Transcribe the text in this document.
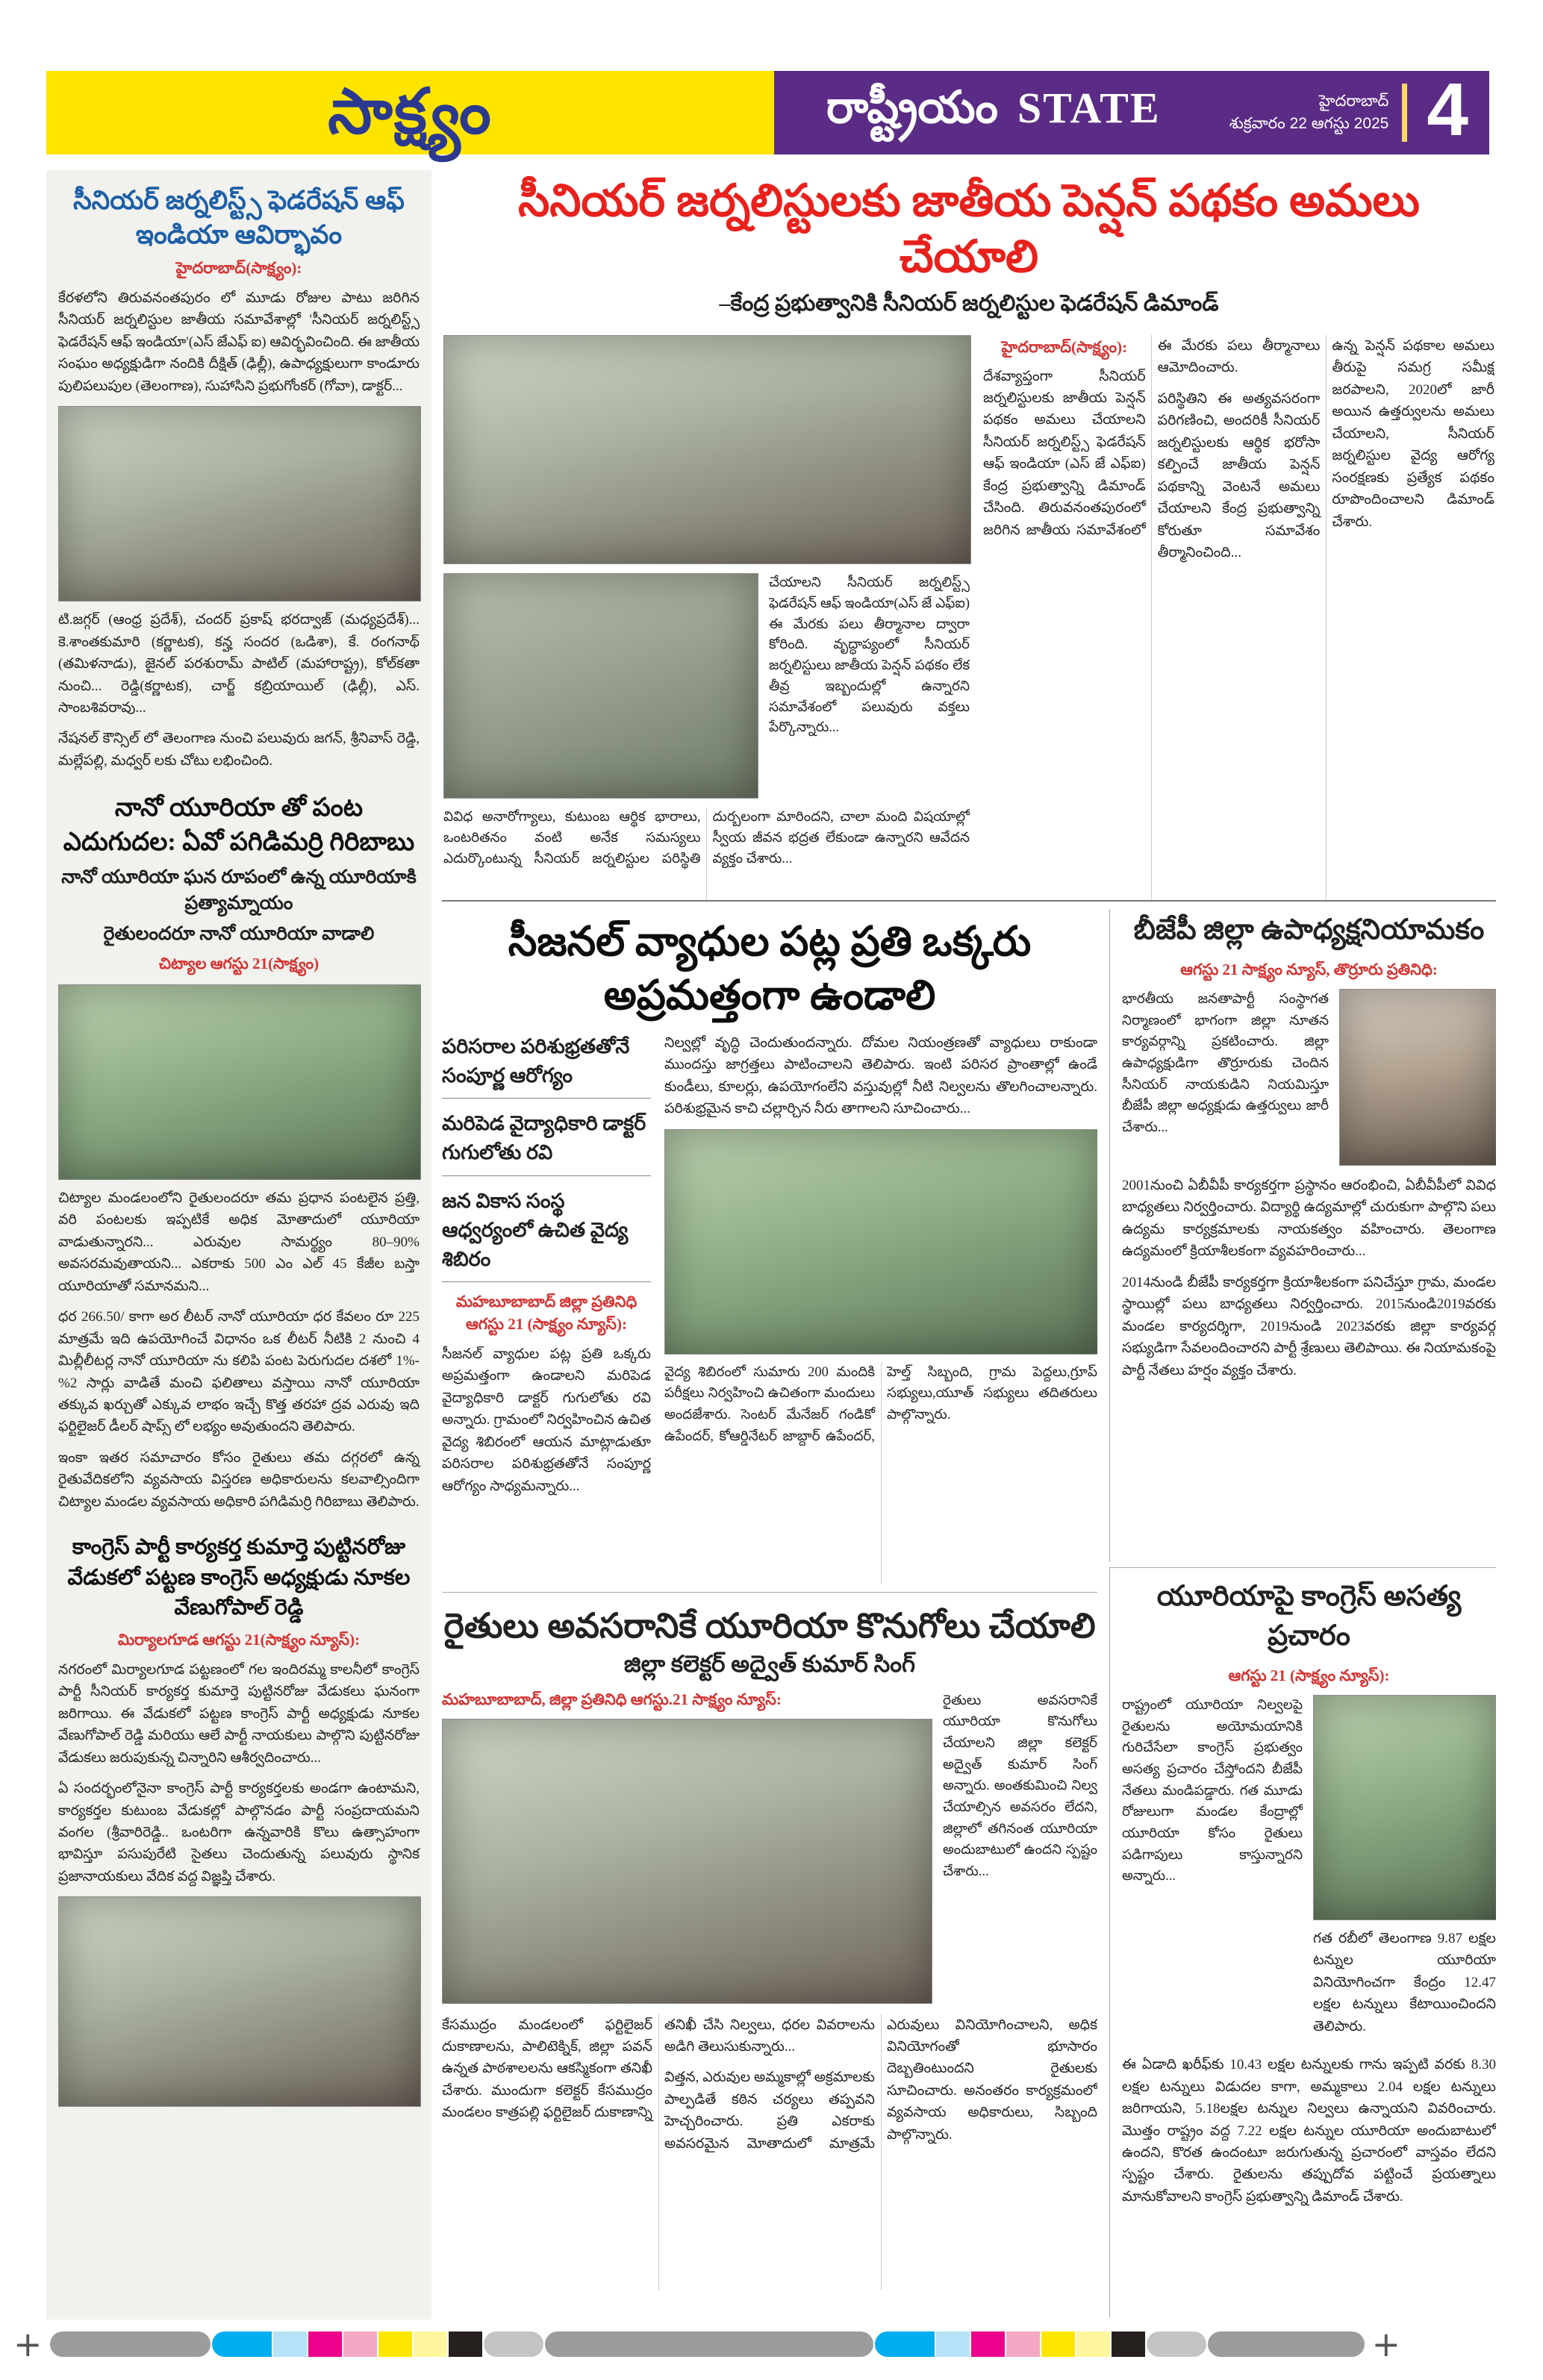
సాక్ష్యం	రాష్ట్రీయం STATE	హైదరాబాద్
శుక్రవారం 22 ఆగస్టు 2025 4
సీనియర్ జర్నలిస్ట్స్ ఫెడరేషన్ ఆఫ్ ఇండియా ఆవిర్భావం

హైదరాబాద్(సాక్ష్యం):

కేరళలోని తిరువనంతపురం లో మూడు రోజుల పాటు జరిగిన సీనియర్ జర్నలిస్టుల జాతీయ సమావేశాల్లో 'సీనియర్ జర్నలిస్ట్స్ ఫెడరేషన్ ఆఫ్ ఇండియా'(ఎస్ జేఎఫ్ ఐ) ఆవిర్భవించింది. ఈ జాతీయ సంఘం అధ్యక్షుడిగా నందికి దీక్షిత్ (ఢిల్లీ), ఉపాధ్యక్షులుగా కాండూరు పులిపలుపుల (తెలంగాణ), సుహాసిని ప్రభుగోంకర్ (గోవా), డాక్టర్...

టి.జగ్గర్ (ఆంధ్ర ప్రదేశ్), చందర్ ప్రకాష్ భరద్వాజ్ (మధ్యప్రదేశ్)... కె.శాంతకుమారి (కర్ణాటక), కన్హ సందర (ఒడిశా), కే. రంగనాథ్ (తమిళనాడు), జైనల్ పరశురామ్ పాటిల్ (మహారాష్ట్ర), కోల్‌కతా నుంచి... రెడ్డి(కర్ణాటక), చార్జ్ కబ్రియాయిల్ (ఢిల్లీ), ఎస్. సాంబశివరావు...

నేషనల్ కౌన్సిల్ లో తెలంగాణ నుంచి పలువురు జగన్, శ్రీనివాస్ రెడ్డి, మల్లేపల్లి, మధ్వర్ లకు చోటు లభించింది.

నానో యూరియా తో పంట ఎదుగుదల: ఏవో పగిడిమర్రి గిరిబాబు

నానో యూరియా ఘన రూపంలో ఉన్న యూరియాకి ప్రత్యామ్నాయం

రైతులందరూ నానో యూరియా వాడాలి

చిట్యాల ఆగస్టు 21(సాక్ష్యం)

చిట్యాల మండలంలోని రైతులందరూ తమ ప్రధాన పంటలైన ప్రత్తి, వరి పంటలకు ఇప్పటికే అధిక మోతాదులో యూరియా వాడుతున్నారని... ఎరువుల సామర్థ్యం 80–90% అవసరమవుతాయని... ఎకరాకు 500 ఎం ఎల్ 45 కేజీల బస్తా యూరియాతో సమానమని...

ధర 266.50/ కాగా అర లీటర్ నానో యూరియా ధర కేవలం రూ 225 మాత్రమే ఇది ఉపయోగించే విధానం ఒక లీటర్ నీటికి 2 నుంచి 4 మిల్లీలీటర్ల నానో యూరియా ను కలిపి పంట పెరుగుదల దశలో 1%-%2 సార్లు వాడితే మంచి ఫలితాలు వస్తాయి నానో యూరియా తక్కువ ఖర్చుతో ఎక్కువ లాభం ఇచ్చే కొత్త తరహా ద్రవ ఎరువు ఇది ఫర్టిలైజర్ డీలర్ షాప్స్ లో లభ్యం అవుతుందని తెలిపారు.

ఇంకా ఇతర సమాచారం కోసం రైతులు తమ దగ్గరలో ఉన్న రైతువేదికలోని వ్యవసాయ విస్తరణ అధికారులను కలవాల్సిందిగా చిట్యాల మండల వ్యవసాయ అధికారి పగిడిమర్రి గిరిబాబు తెలిపారు.

కాంగ్రెస్ పార్టీ కార్యకర్త కుమార్తె పుట్టినరోజు వేడుకలో పట్టణ కాంగ్రెస్ అధ్యక్షుడు నూకల వేణుగోపాల్ రెడ్డి

మిర్యాలగూడ ఆగస్టు 21(సాక్ష్యం న్యూస్):

నగరంలో మిర్యాలగూడ పట్టణంలో గల ఇందిరమ్మ కాలనీలో కాంగ్రెస్ పార్టీ సీనియర్ కార్యకర్త కుమార్తె పుట్టినరోజు వేడుకలు ఘనంగా జరిగాయి. ఈ వేడుకలో పట్టణ కాంగ్రెస్ పార్టీ అధ్యక్షుడు నూకల వేణుగోపాల్ రెడ్డి మరియు ఆలే పార్టీ నాయకులు పాల్గొని పుట్టినరోజు వేడుకలు జరుపుకున్న చిన్నారిని ఆశీర్వదించారు...

ఏ సందర్భంలోనైనా కాంగ్రెస్ పార్టీ కార్యకర్తలకు అండగా ఉంటామని, కార్యకర్తల కుటుంబ వేడుకల్లో పాల్గొనడం పార్టీ సంప్రదాయమని వంగల (శ్రీవారిరెడ్డి.. ఒంటరిగా ఉన్నవారికి కొలు ఉత్సాహంగా భావిస్తూ పసుపురేటి సైతలు చెందుతున్న పలువురు స్థానిక ప్రజానాయకులు వేదిక వద్ద విజ్ఞప్తి చేశారు.

సీనియర్ జర్నలిస్టులకు జాతీయ పెన్షన్ పథకం అమలు చేయాలి
–కేంద్ర ప్రభుత్వానికి సీనియర్ జర్నలిస్టుల ఫెడరేషన్ డిమాండ్
చేయాలని సీనియర్ జర్నలిస్ట్స్ ఫెడరేషన్ ఆఫ్ ఇండియా(ఎస్ జే ఎఫ్ఐ) ఈ మేరకు పలు తీర్మానాల ద్వారా కోరింది. వృద్ధాప్యంలో సీనియర్ జర్నలిస్టులు జాతీయ పెన్షన్ పథకం లేక తీవ్ర ఇబ్బందుల్లో ఉన్నారని సమావేశంలో పలువురు వక్తలు పేర్కొన్నారు...
వివిధ అనారోగ్యాలు, కుటుంబ ఆర్థిక భారాలు, ఒంటరితనం వంటి అనేక సమస్యలు ఎదుర్కొంటున్న సీనియర్ జర్నలిస్టుల పరిస్థితి దుర్బలంగా మారిందని, చాలా మంది విషయాల్లో స్వీయ జీవన భద్రత లేకుండా ఉన్నారని ఆవేదన వ్యక్తం చేశారు...

హైదరాబాద్(సాక్ష్యం):

దేశవ్యాప్తంగా సీనియర్ జర్నలిస్టులకు జాతీయ పెన్షన్ పథకం అమలు చేయాలని సీనియర్ జర్నలిస్ట్స్ ఫెడరేషన్ ఆఫ్ ఇండియా (ఎస్ జే ఎఫ్ఐ) కేంద్ర ప్రభుత్వాన్ని డిమాండ్ చేసింది. తిరువనంతపురంలో జరిగిన జాతీయ సమావేశంలో ఈ మేరకు పలు తీర్మానాలు ఆమోదించారు.

పరిస్థితిని ఈ అత్యవసరంగా పరిగణించి, అందరికీ సీనియర్ జర్నలిస్టులకు ఆర్థిక భరోసా కల్పించే జాతీయ పెన్షన్ పథకాన్ని వెంటనే అమలు చేయాలని కేంద్ర ప్రభుత్వాన్ని కోరుతూ సమావేశం తీర్మానించింది...

ఉన్న పెన్షన్ పథకాల అమలు తీరుపై సమగ్ర సమీక్ష జరపాలని, 2020లో జారీ అయిన ఉత్తర్వులను అమలు చేయాలని, సీనియర్ జర్నలిస్టుల వైద్య ఆరోగ్య సంరక్షణకు ప్రత్యేక పథకం రూపొందించాలని డిమాండ్ చేశారు.

సీజనల్ వ్యాధుల పట్ల ప్రతి ఒక్కరు అప్రమత్తంగా ఉండాలి

పరిసరాల పరిశుభ్రతతోనే సంపూర్ణ ఆరోగ్యం

మరిపెడ వైద్యాధికారి డాక్టర్ గుగులోతు రవి

జన వికాస సంస్థ ఆధ్వర్యంలో ఉచిత వైద్య శిబిరం

మహబూబాబాద్ జిల్లా ప్రతినిధి ఆగస్టు 21 (సాక్ష్యం న్యూస్):

సీజనల్ వ్యాధుల పట్ల ప్రతి ఒక్కరు అప్రమత్తంగా ఉండాలని మరిపెడ వైద్యాధికారి డాక్టర్ గుగులోతు రవి అన్నారు. గ్రామంలో నిర్వహించిన ఉచిత వైద్య శిబిరంలో ఆయన మాట్లాడుతూ పరిసరాల పరిశుభ్రతతోనే సంపూర్ణ ఆరోగ్యం సాధ్యమన్నారు...

నిల్వల్లో వృద్ధి చెందుతుందన్నారు. దోమల నియంత్రణతో వ్యాధులు రాకుండా ముందస్తు జాగ్రత్తలు పాటించాలని తెలిపారు. ఇంటి పరిసర ప్రాంతాల్లో ఉండే కుండీలు, కూలర్లు, ఉపయోగంలేని వస్తువుల్లో నీటి నిల్వలను తొలగించాలన్నారు. పరిశుభ్రమైన కాచి చల్లార్చిన నీరు తాగాలని సూచించారు...

వైద్య శిబిరంలో సుమారు 200 మందికి పరీక్షలు నిర్వహించి ఉచితంగా మందులు అందజేశారు. సెంటర్ మేనేజర్ గండికో ఉపేందర్, కోఆర్డినేటర్ జాబ్దార్ ఉపేందర్, హెల్త్ సిబ్బంది, గ్రామ పెద్దలు,గ్రూప్ సభ్యులు,యూత్ సభ్యులు తదితరులు పాల్గొన్నారు.
బీజేపీ జిల్లా ఉపాధ్యక్షనియామకం

ఆగస్టు 21 సాక్ష్యం న్యూస్, తొర్రూరు ప్రతినిధి:

భారతీయ జనతాపార్టీ సంస్థాగత నిర్మాణంలో భాగంగా జిల్లా నూతన కార్యవర్గాన్ని ప్రకటించారు. జిల్లా ఉపాధ్యక్షుడిగా తొర్రూరుకు చెందిన సీనియర్ నాయకుడిని నియమిస్తూ బీజేపీ జిల్లా అధ్యక్షుడు ఉత్తర్వులు జారీ చేశారు...

2001నుంచి ఏబీవీపీ కార్యకర్తగా ప్రస్థానం ఆరంభించి, ఏబీవీపీలో వివిధ బాధ్యతలు నిర్వర్తించారు. విద్యార్థి ఉద్యమాల్లో చురుకుగా పాల్గొని పలు ఉద్యమ కార్యక్రమాలకు నాయకత్వం వహించారు. తెలంగాణ ఉద్యమంలో క్రియాశీలకంగా వ్యవహరించారు...

2014నుండి బీజేపీ కార్యకర్తగా క్రియాశీలకంగా పనిచేస్తూ గ్రామ, మండల స్థాయిల్లో పలు బాధ్యతలు నిర్వర్తించారు. 2015నుండి2019వరకు మండల కార్యదర్శిగా, 2019నుండి 2023వరకు జిల్లా కార్యవర్గ సభ్యుడిగా సేవలందించారని పార్టీ శ్రేణులు తెలిపాయి. ఈ నియామకంపై పార్టీ నేతలు హర్షం వ్యక్తం చేశారు.

రైతులు అవసరానికే యూరియా కొనుగోలు చేయాలి
జిల్లా కలెక్టర్ అద్వైత్ కుమార్ సింగ్

మహబూబాబాద్, జిల్లా ప్రతినిధి ఆగస్టు.21 సాక్ష్యం న్యూస్:	రైతులు అవసరానికే యూరియా కొనుగోలు చేయాలని జిల్లా కలెక్టర్ అద్వైత్ కుమార్ సింగ్ అన్నారు. అంతకుమించి నిల్వ చేయాల్సిన అవసరం లేదని, జిల్లాలో తగినంత యూరియా అందుబాటులో ఉందని స్పష్టం చేశారు...

కేసముద్రం మండలంలో ఫర్టిలైజర్ దుకాణాలను, పాలిటెక్నిక్, జిల్లా పవన్ ఉన్నత పాఠశాలలను ఆకస్మికంగా తనిఖీ చేశారు. ముందుగా కలెక్టర్ కేసముద్రం మండలం కాత్రపల్లి ఫర్టిలైజర్ దుకాణాన్ని తనిఖీ చేసి నిల్వలు, ధరల వివరాలను అడిగి తెలుసుకున్నారు...

విత్తన, ఎరువుల అమ్మకాల్లో అక్రమాలకు పాల్పడితే కఠిన చర్యలు తప్పవని హెచ్చరించారు. ప్రతి ఎకరాకు అవసరమైన మోతాదులో మాత్రమే ఎరువులు వినియోగించాలని, అధిక వినియోగంతో భూసారం దెబ్బతింటుందని రైతులకు సూచించారు. అనంతరం కార్యక్రమంలో వ్యవసాయ అధికారులు, సిబ్బంది పాల్గొన్నారు.

యూరియాపై కాంగ్రెస్ అసత్య ప్రచారం

ఆగస్టు 21 (సాక్ష్యం న్యూస్):

రాష్ట్రంలో యూరియా నిల్వలపై రైతులను అయోమయానికి గురిచేసేలా కాంగ్రెస్ ప్రభుత్వం అసత్య ప్రచారం చేస్తోందని బీజేపీ నేతలు మండిపడ్డారు. గత మూడు రోజులుగా మండల కేంద్రాల్లో యూరియా కోసం రైతులు పడిగాపులు కాస్తున్నారని అన్నారు...

గత రబీలో తెలంగాణ 9.87 లక్షల టన్నుల యూరియా వినియోగించగా కేంద్రం 12.47 లక్షల టన్నులు కేటాయించిందని తెలిపారు.

ఈ ఏడాది ఖరీఫ్‌కు 10.43 లక్షల టన్నులకు గాను ఇప్పటి వరకు 8.30 లక్షల టన్నులు విడుదల కాగా, అమ్మకాలు 2.04 లక్షల టన్నులు జరిగాయని, 5.18లక్షల టన్నుల నిల్వలు ఉన్నాయని వివరించారు. మొత్తం రాష్ట్రం వద్ద 7.22 లక్షల టన్నుల యూరియా అందుబాటులో ఉందని, కొరత ఉందంటూ జరుగుతున్న ప్రచారంలో వాస్తవం లేదని స్పష్టం చేశారు. రైతులను తప్పుదోవ పట్టించే ప్రయత్నాలు మానుకోవాలని కాంగ్రెస్ ప్రభుత్వాన్ని డిమాండ్ చేశారు.

+	+
